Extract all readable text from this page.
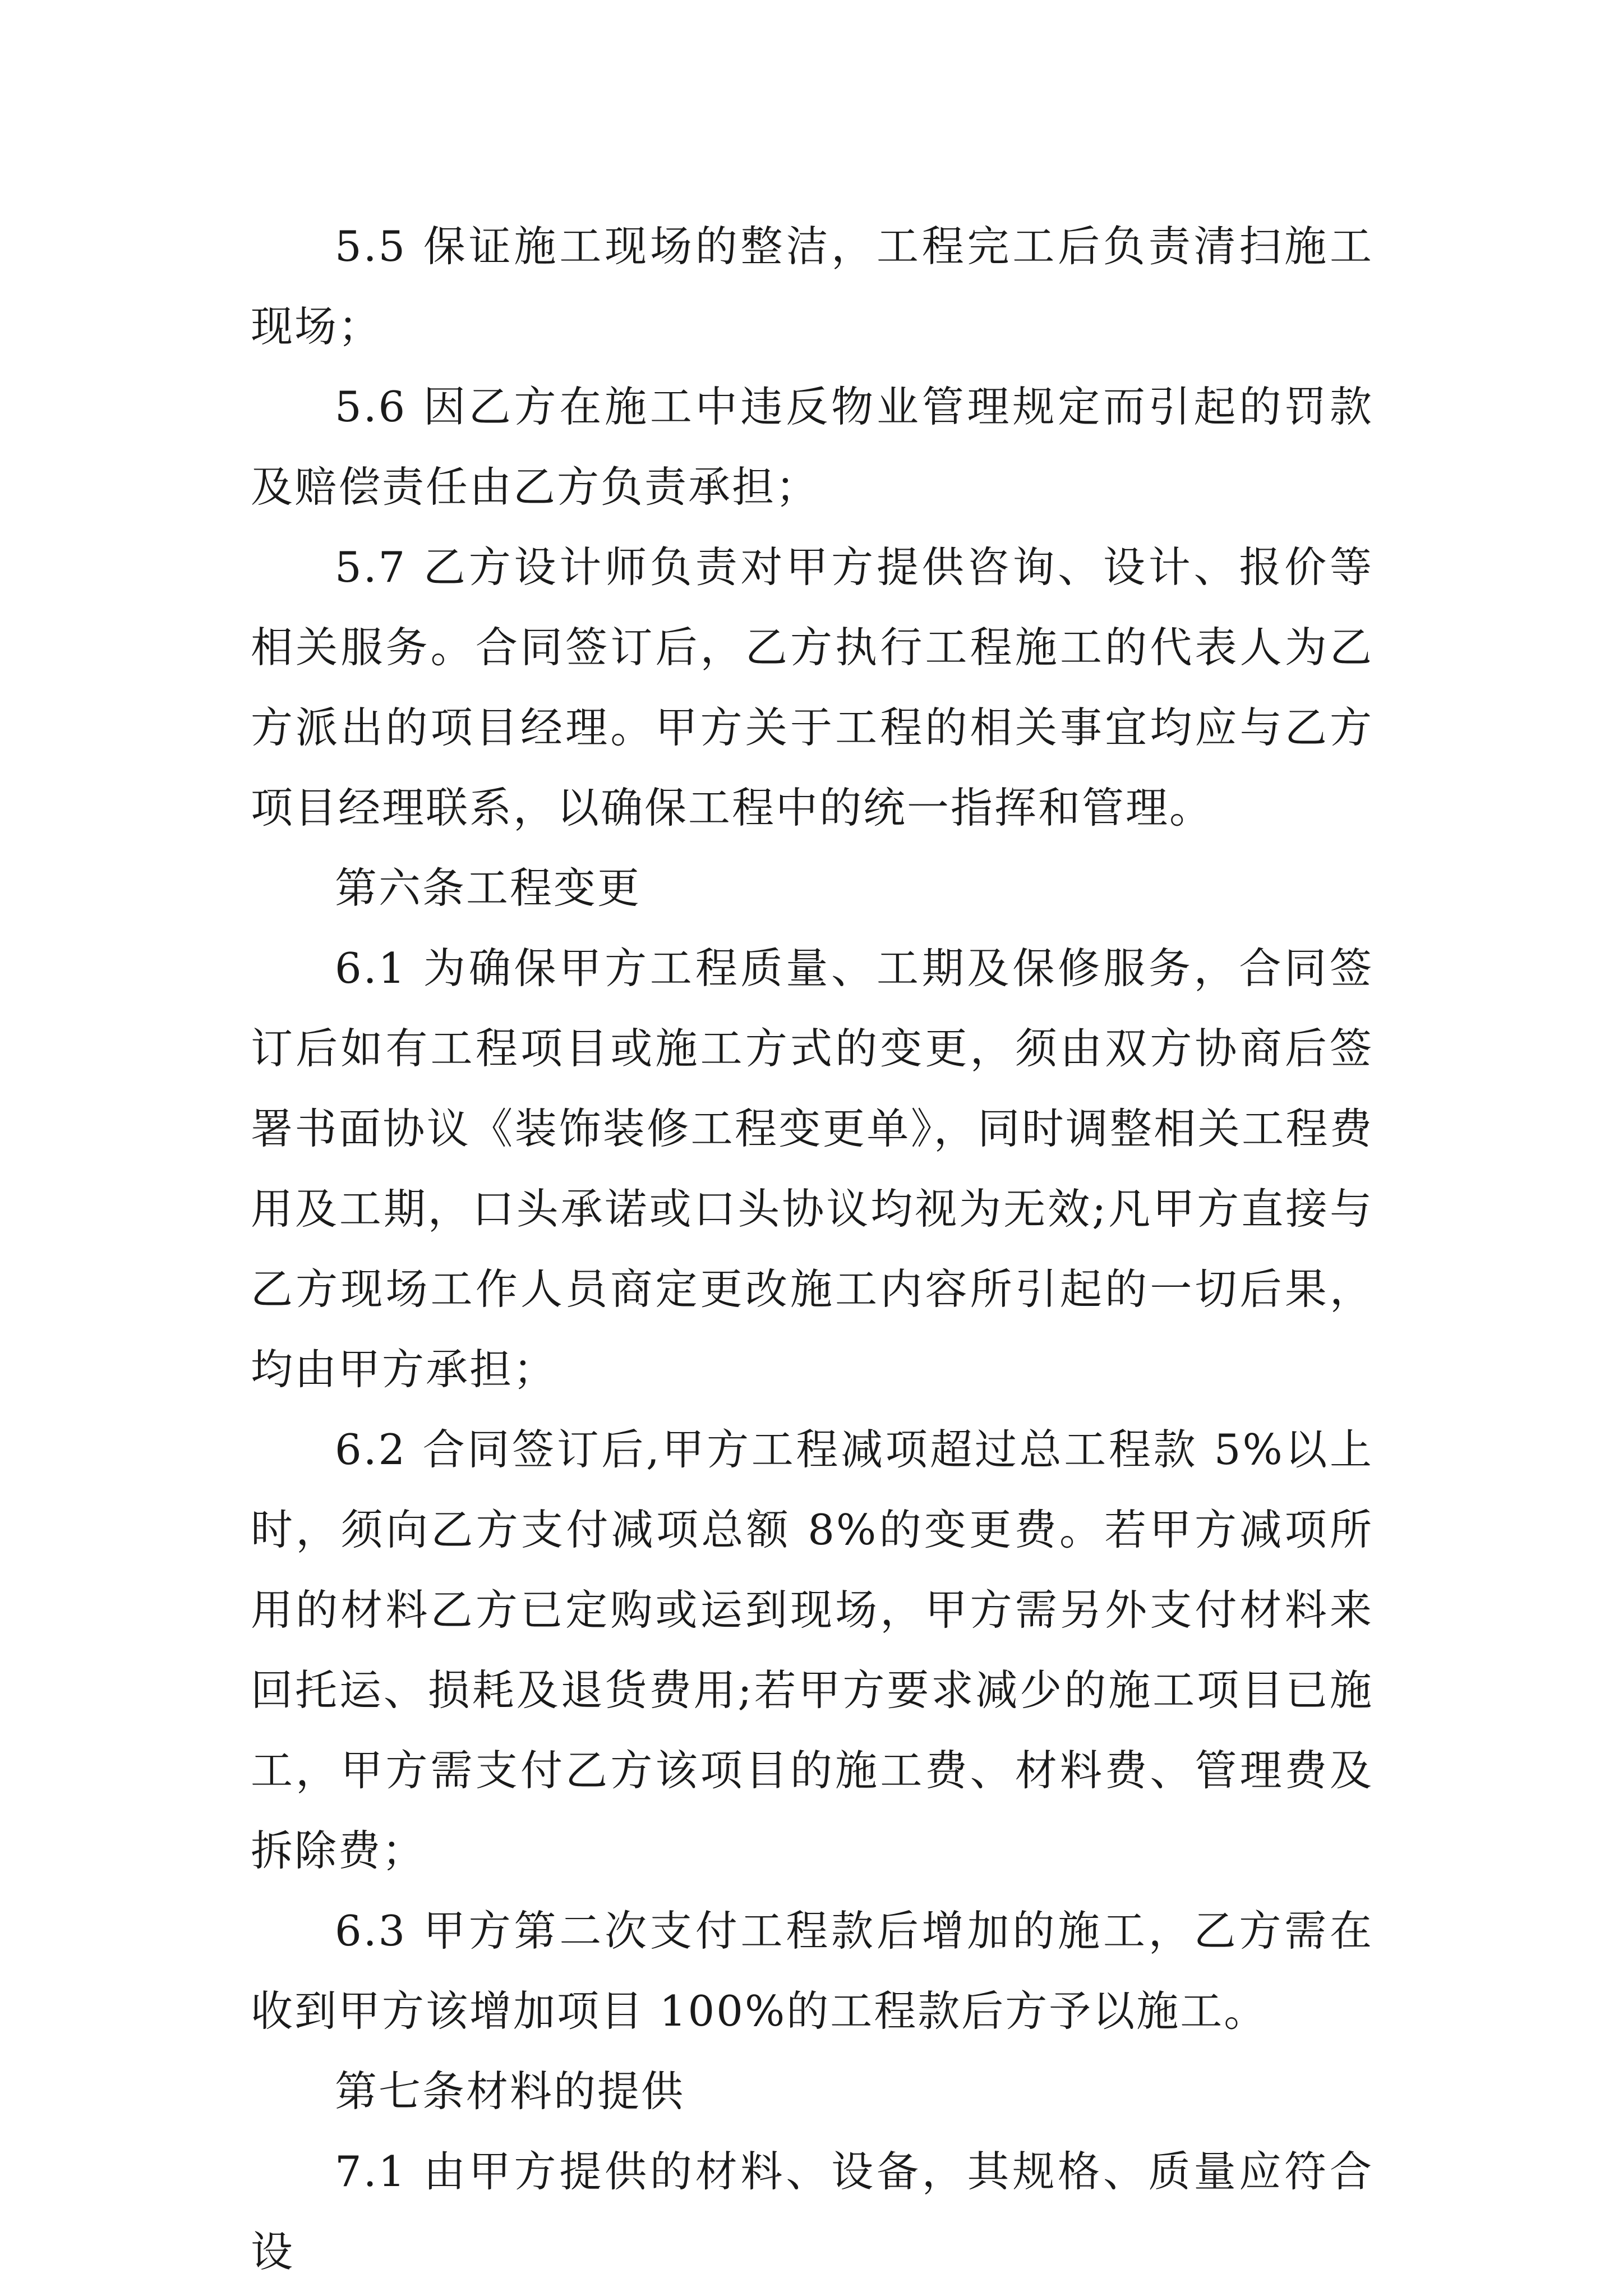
5.5 保证施工现场的整洁，工程完工后负责清扫施工现场；

5.6 因乙方在施工中违反物业管理规定而引起的罚款及赔偿责任由乙方负责承担；

5.7 乙方设计师负责对甲方提供咨询、设计、报价等相关服务。合同签订后，乙方执行工程施工的代表人为乙方派出的项目经理。甲方关于工程的相关事宜均应与乙方项目经理联系，以确保工程中的统一指挥和管理。

第六条工程变更

6.1 为确保甲方工程质量、工期及保修服务，合同签订后如有工程项目或施工方式的变更，须由双方协商后签署书面协议《装饰装修工程变更单》，同时调整相关工程费用及工期，口头承诺或口头协议均视为无效;凡甲方直接与乙方现场工作人员商定更改施工内容所引起的一切后果，均由甲方承担；

6.2 合同签订后,甲方工程减项超过总工程款 5%以上时，须向乙方支付减项总额 8%的变更费。若甲方减项所用的材料乙方已定购或运到现场，甲方需另外支付材料来回托运、损耗及退货费用;若甲方要求减少的施工项目已施工，甲方需支付乙方该项目的施工费、材料费、管理费及拆除费；

6.3 甲方第二次支付工程款后增加的施工，乙方需在收到甲方该增加项目 100%的工程款后方予以施工。

第七条材料的提供

7.1 由甲方提供的材料、设备，其规格、质量应符合设
